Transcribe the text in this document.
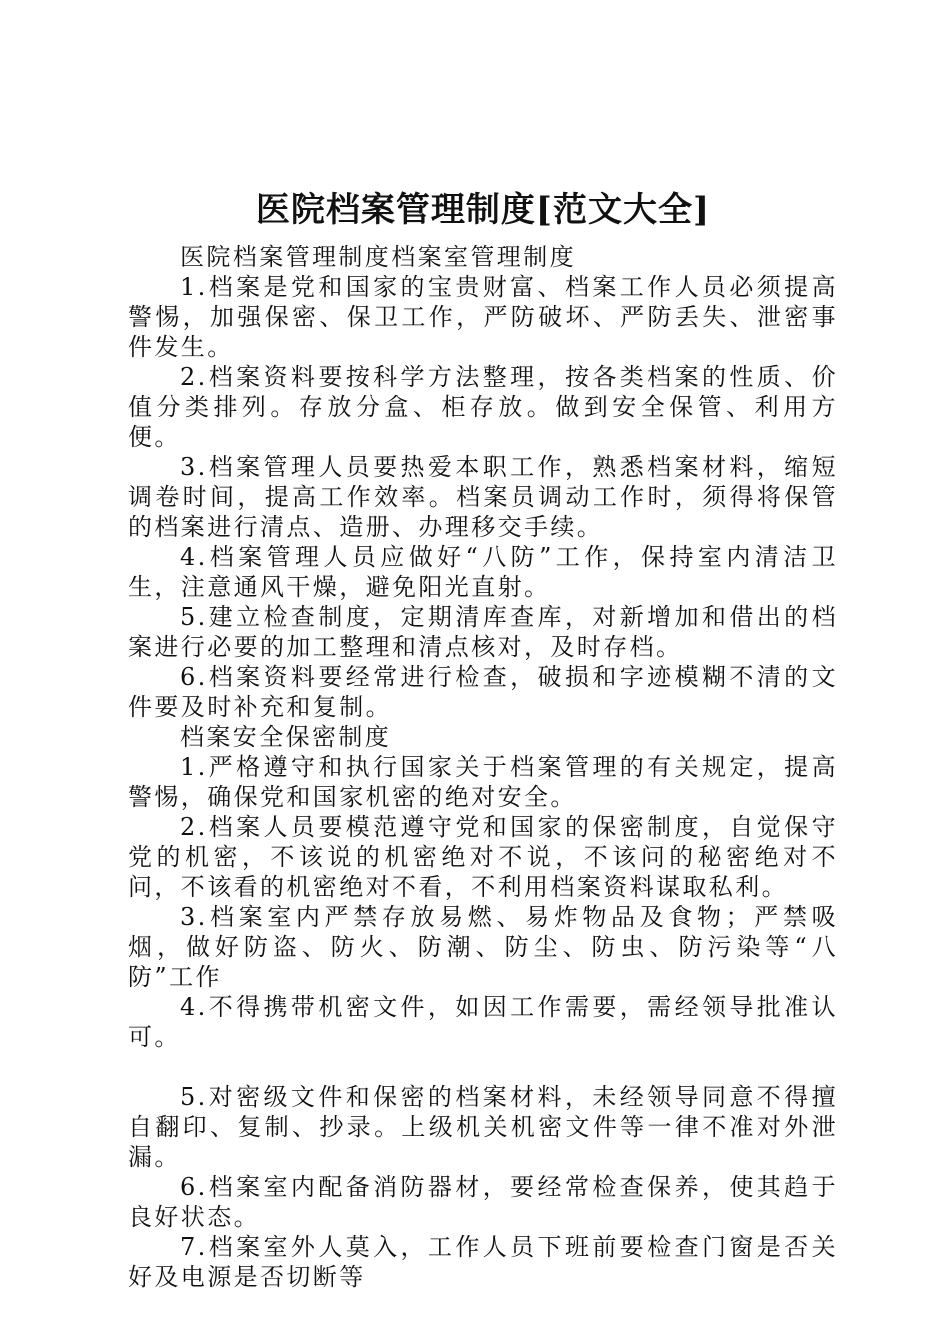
医院档案管理制度[范文大全]

医院档案管理制度档案室管理制度

1.档案是党和国家的宝贵财富、档案工作人员必须提高警惕，加强保密、保卫工作，严防破坏、严防丢失、泄密事件发生。

2.档案资料要按科学方法整理，按各类档案的性质、价值分类排列。存放分盒、柜存放。做到安全保管、利用方便。

3.档案管理人员要热爱本职工作，熟悉档案材料，缩短调卷时间，提高工作效率。档案员调动工作时，须得将保管的档案进行清点、造册、办理移交手续。

4.档案管理人员应做好“八防”工作，保持室内清洁卫生，注意通风干燥，避免阳光直射。

5.建立检查制度，定期清库查库，对新增加和借出的档案进行必要的加工整理和清点核对，及时存档。

6.档案资料要经常进行检查，破损和字迹模糊不清的文件要及时补充和复制。

档案安全保密制度

1.严格遵守和执行国家关于档案管理的有关规定，提高警惕，确保党和国家机密的绝对安全。

2.档案人员要模范遵守党和国家的保密制度，自觉保守党的机密，不该说的机密绝对不说，不该问的秘密绝对不问，不该看的机密绝对不看，不利用档案资料谋取私利。

3.档案室内严禁存放易燃、易炸物品及食物；严禁吸烟，做好防盗、防火、防潮、防尘、防虫、防污染等“八防”工作

4.不得携带机密文件，如因工作需要，需经领导批准认可。

5.对密级文件和保密的档案材料，未经领导同意不得擅自翻印、复制、抄录。上级机关机密文件等一律不准对外泄漏。

6.档案室内配备消防器材，要经常检查保养，使其趋于良好状态。

7.档案室外人莫入，工作人员下班前要检查门窗是否关好及电源是否切断等
